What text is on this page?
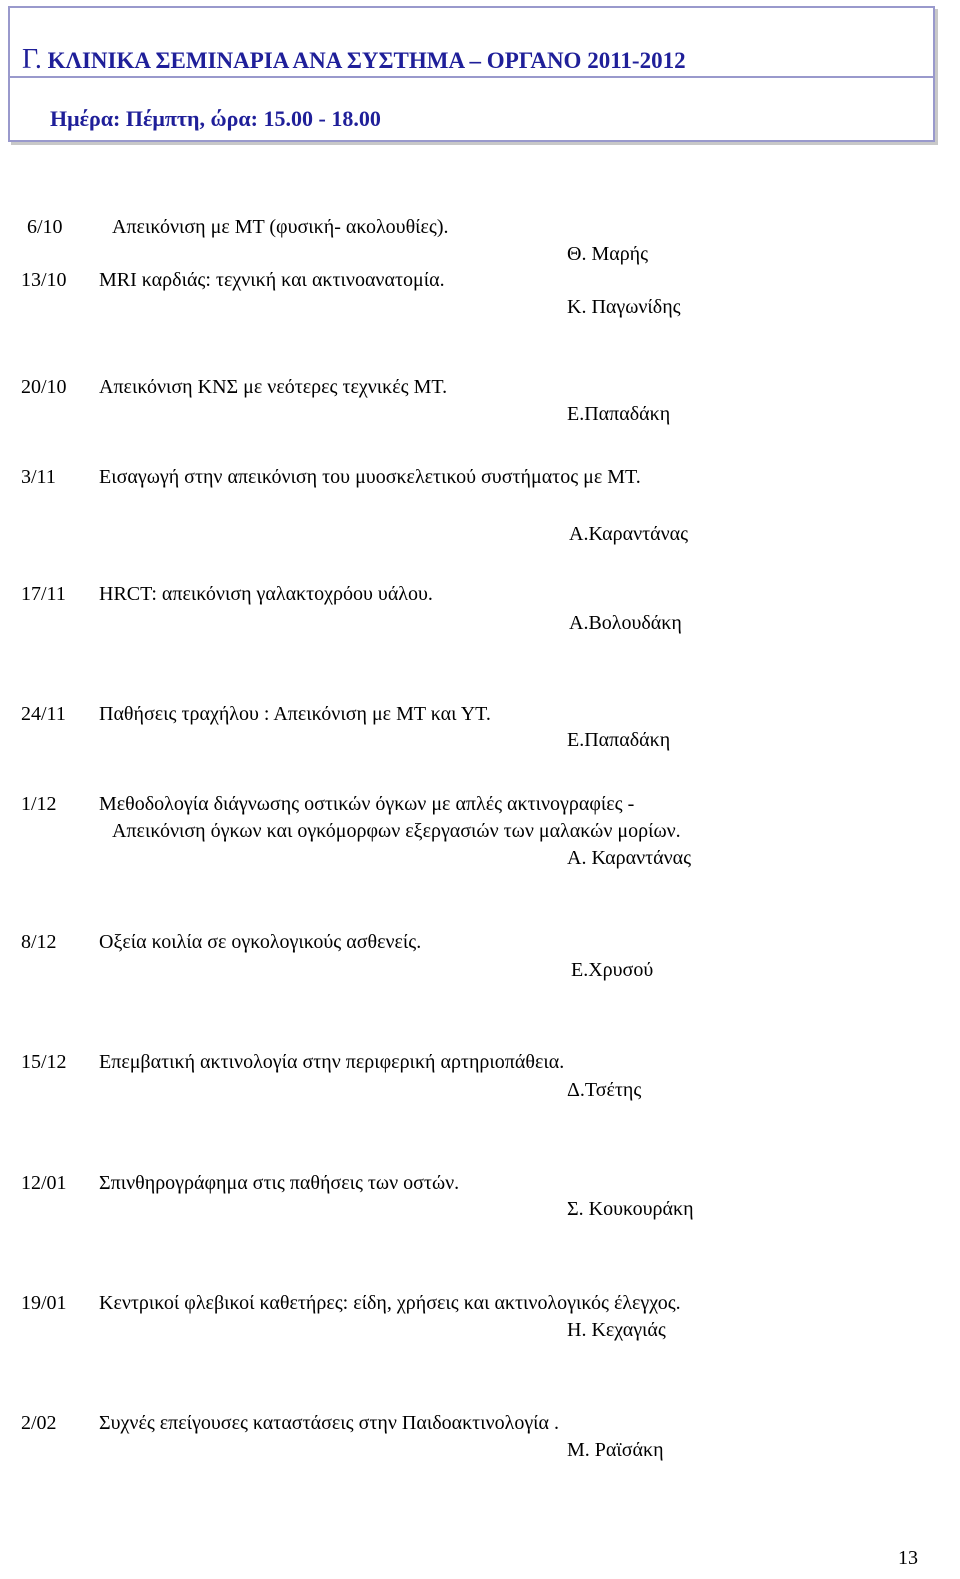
Γ. ΚΛΙΝΙΚΑ ΣΕΜΙΝΑΡΙΑ ΑΝΑ ΣΥΣΤΗΜΑ – ΟΡΓΑΝΟ 2011-2012
Ημέρα: Πέμπτη, ώρα: 15.00 - 18.00
6/10 Απεικόνιση με ΜΤ (φυσική- ακολουθίες).
Θ. Μαρής
13/10 MRI καρδιάς: τεχνική και ακτινοανατομία.
Κ. Παγωνίδης
20/10 Απεικόνιση ΚΝΣ με νεότερες τεχνικές ΜΤ.
Ε.Παπαδάκη
3/11 Εισαγωγή στην απεικόνιση του μυοσκελετικού συστήματος με ΜΤ.
Α.Καραντάνας
17/11 HRCT: απεικόνιση γαλακτοχρόου υάλου.
Α.Βολουδάκη
24/11 Παθήσεις τραχήλου : Απεικόνιση με ΜΤ και ΥΤ.
Ε.Παπαδάκη
1/12 Μεθοδολογία διάγνωσης οστικών όγκων με απλές ακτινογραφίες -
Απεικόνιση όγκων και ογκόμορφων εξεργασιών των μαλακών μορίων.
Α. Καραντάνας
8/12 Οξεία κοιλία σε ογκολογικούς ασθενείς.
Ε.Χρυσού
15/12 Επεμβατική ακτινολογία στην περιφερική αρτηριοπάθεια.
Δ.Τσέτης
12/01 Σπινθηρογράφημα στις παθήσεις των οστών.
Σ. Κουκουράκη
19/01 Κεντρικοί φλεβικοί καθετήρες: είδη, χρήσεις και ακτινολογικός έλεγχος.
Η. Κεχαγιάς
2/02 Συχνές επείγουσες καταστάσεις στην Παιδοακτινολογία .
Μ. Ραϊσάκη
13
